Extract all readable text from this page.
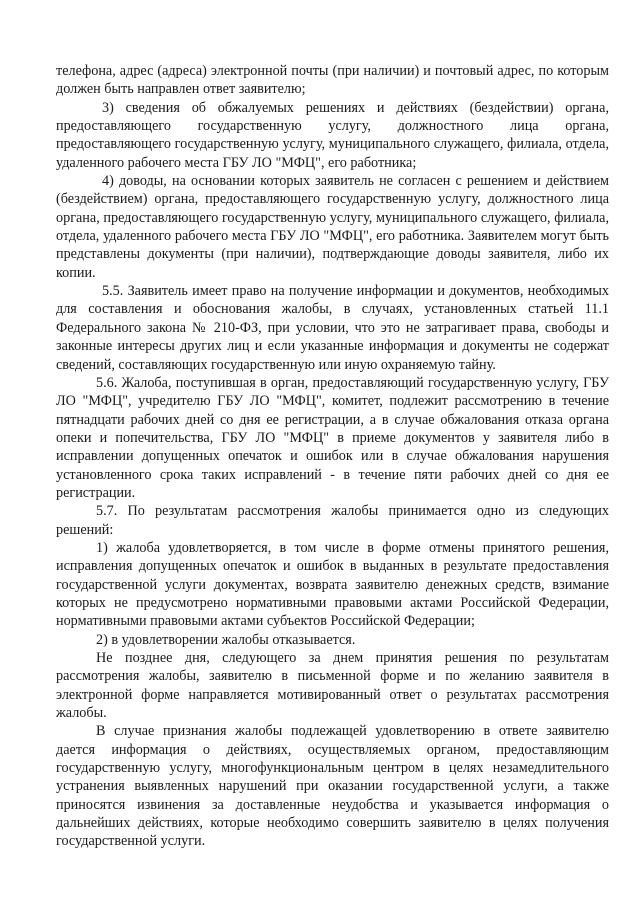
телефона, адрес (адреса) электронной почты (при наличии) и почтовый адрес, по которым должен быть направлен ответ заявителю;

3) сведения об обжалуемых решениях и действиях (бездействии) органа, предоставляющего государственную услугу, должностного лица органа, предоставляющего государственную услугу, муниципального служащего, филиала, отдела, удаленного рабочего места ГБУ ЛО "МФЦ", его работника;

4) доводы, на основании которых заявитель не согласен с решением и действием (бездействием) органа, предоставляющего государственную услугу, должностного лица органа, предоставляющего государственную услугу, муниципального служащего, филиала, отдела, удаленного рабочего места ГБУ ЛО "МФЦ", его работника. Заявителем могут быть представлены документы (при наличии), подтверждающие доводы заявителя, либо их копии.

5.5. Заявитель имеет право на получение информации и документов, необходимых для составления и обоснования жалобы, в случаях, установленных статьей 11.1 Федерального закона № 210-ФЗ, при условии, что это не затрагивает права, свободы и законные интересы других лиц и если указанные информация и документы не содержат сведений, составляющих государственную или иную охраняемую тайну.

5.6. Жалоба, поступившая в орган, предоставляющий государственную услугу, ГБУ ЛО "МФЦ", учредителю ГБУ ЛО "МФЦ", комитет, подлежит рассмотрению в течение пятнадцати рабочих дней со дня ее регистрации, а в случае обжалования отказа органа опеки и попечительства, ГБУ ЛО "МФЦ" в приеме документов у заявителя либо в исправлении допущенных опечаток и ошибок или в случае обжалования нарушения установленного срока таких исправлений - в течение пяти рабочих дней со дня ее регистрации.

5.7. По результатам рассмотрения жалобы принимается одно из следующих решений:

1) жалоба удовлетворяется, в том числе в форме отмены принятого решения, исправления допущенных опечаток и ошибок в выданных в результате предоставления государственной услуги документах, возврата заявителю денежных средств, взимание которых не предусмотрено нормативными правовыми актами Российской Федерации, нормативными правовыми актами субъектов Российской Федерации;

2) в удовлетворении жалобы отказывается.

Не позднее дня, следующего за днем принятия решения по результатам рассмотрения жалобы, заявителю в письменной форме и по желанию заявителя в электронной форме направляется мотивированный ответ о результатах рассмотрения жалобы.

В случае признания жалобы подлежащей удовлетворению в ответе заявителю дается информация о действиях, осуществляемых органом, предоставляющим государственную услугу, многофункциональным центром в целях незамедлительного устранения выявленных нарушений при оказании государственной услуги, а также приносятся извинения за доставленные неудобства и указывается информация о дальнейших действиях, которые необходимо совершить заявителю в целях получения государственной услуги.
